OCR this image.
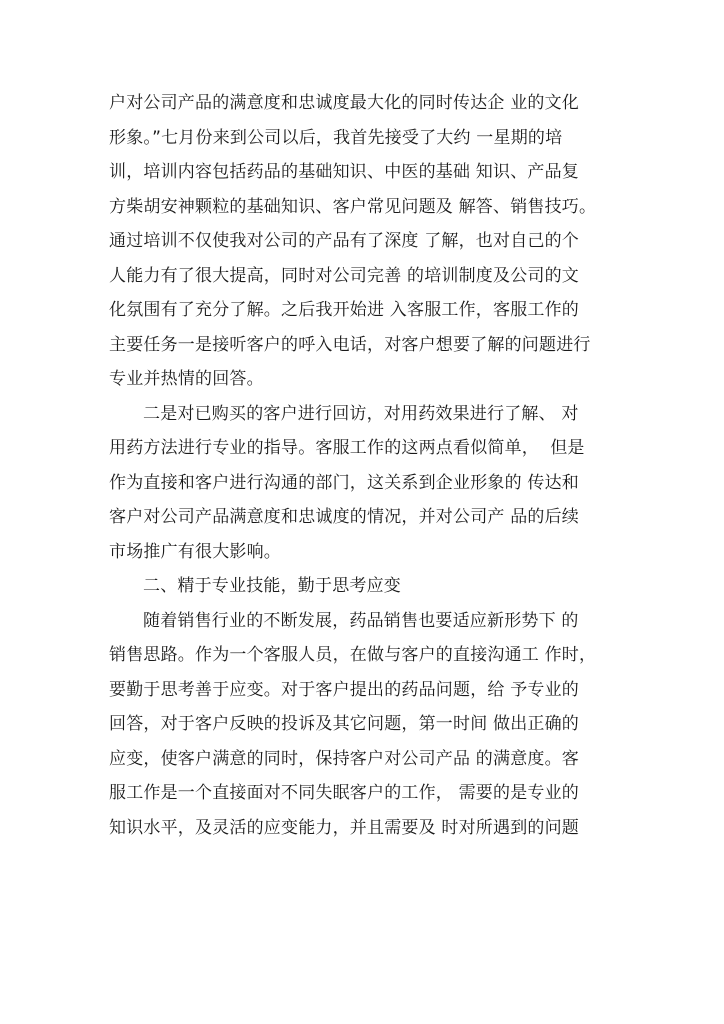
户对公司产品的满意度和忠诚度最大化的同时传达企 业的文化
形象。”七月份来到公司以后，我首先接受了大约 一星期的培
训，培训内容包括药品的基础知识、中医的基础 知识、产品复
方柴胡安神颗粒的基础知识、客户常见问题及 解答、销售技巧。
通过培训不仅使我对公司的产品有了深度 了解，也对自己的个
人能力有了很大提高，同时对公司完善 的培训制度及公司的文
化氛围有了充分了解。之后我开始进 入客服工作，客服工作的
主要任务一是接听客户的呼入电话，对客户想要了解的问题进行
专业并热情的回答。
二是对已购买的客户进行回访，对用药效果进行了解、 对
用药方法进行专业的指导。客服工作的这两点看似简单，  但是
作为直接和客户进行沟通的部门，这关系到企业形象的 传达和
客户对公司产品满意度和忠诚度的情况，并对公司产 品的后续
市场推广有很大影响。
二、精于专业技能，勤于思考应变
随着销售行业的不断发展，药品销售也要适应新形势下 的
销售思路。作为一个客服人员，在做与客户的直接沟通工 作时，
要勤于思考善于应变。对于客户提出的药品问题，给 予专业的
回答，对于客户反映的投诉及其它问题，第一时间 做出正确的
应变，使客户满意的同时，保持客户对公司产品 的满意度。客
服工作是一个直接面对不同失眠客户的工作， 需要的是专业的
知识水平，及灵活的应变能力，并且需要及 时对所遇到的问题
